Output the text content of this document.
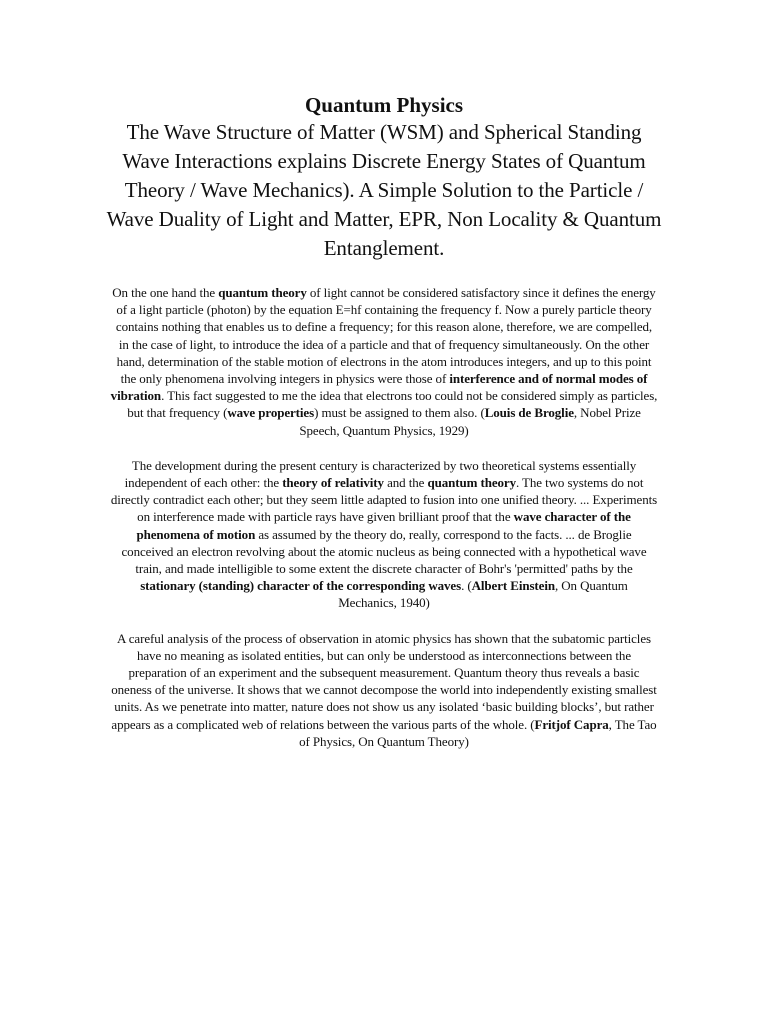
Quantum Physics

The Wave Structure of Matter (WSM) and Spherical Standing Wave Interactions explains Discrete Energy States of Quantum Theory / Wave Mechanics). A Simple Solution to the Particle / Wave Duality of Light and Matter, EPR, Non Locality & Quantum Entanglement.

On the one hand the quantum theory of light cannot be considered satisfactory since it defines the energy of a light particle (photon) by the equation E=hf containing the frequency f. Now a purely particle theory contains nothing that enables us to define a frequency; for this reason alone, therefore, we are compelled, in the case of light, to introduce the idea of a particle and that of frequency simultaneously. On the other hand, determination of the stable motion of electrons in the atom introduces integers, and up to this point the only phenomena involving integers in physics were those of interference and of normal modes of vibration. This fact suggested to me the idea that electrons too could not be considered simply as particles, but that frequency (wave properties) must be assigned to them also. (Louis de Broglie, Nobel Prize Speech, Quantum Physics, 1929)

The development during the present century is characterized by two theoretical systems essentially independent of each other: the theory of relativity and the quantum theory. The two systems do not directly contradict each other; but they seem little adapted to fusion into one unified theory. ... Experiments on interference made with particle rays have given brilliant proof that the wave character of the phenomena of motion as assumed by the theory do, really, correspond to the facts. ... de Broglie conceived an electron revolving about the atomic nucleus as being connected with a hypothetical wave train, and made intelligible to some extent the discrete character of Bohr's 'permitted' paths by the stationary (standing) character of the corresponding waves. (Albert Einstein, On Quantum Mechanics, 1940)

A careful analysis of the process of observation in atomic physics has shown that the subatomic particles have no meaning as isolated entities, but can only be understood as interconnections between the preparation of an experiment and the subsequent measurement. Quantum theory thus reveals a basic oneness of the universe. It shows that we cannot decompose the world into independently existing smallest units. As we penetrate into matter, nature does not show us any isolated ‘basic building blocks’, but rather appears as a complicated web of relations between the various parts of the whole. (Fritjof Capra, The Tao of Physics, On Quantum Theory)
